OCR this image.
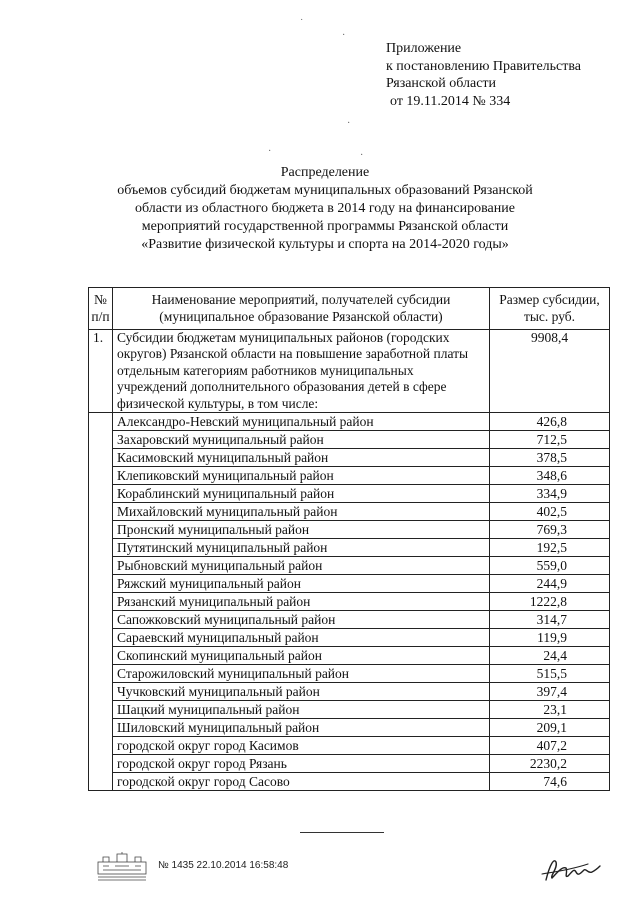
˙
·
·
·	·
Приложение
к постановлению Правительства
Рязанской области
от 19.11.2014 № 334
Распределение
объемов субсидий бюджетам муниципальных образований Рязанской
области из областного бюджета в 2014 году на финансирование
мероприятий государственной программы Рязанской области
«Развитие физической культуры и спорта на 2014-2020 годы»
№ п/п	Наименование мероприятий, получателей субсидии (муниципальное образование Рязанской области)	Размер субсидии, тыс. руб.
1.	Субсидии бюджетам муниципальных районов (городских округов) Рязанской области на повышение заработной платы отдельным категориям работников муниципальных учреждений дополнительного образования детей в сфере физической культуры, в том числе:	9908,4
	Александро-Невский муниципальный район	426,8
	Захаровский муниципальный район	712,5
	Касимовский муниципальный район	378,5
	Клепиковский муниципальный район	348,6
	Кораблинский муниципальный район	334,9
	Михайловский муниципальный район	402,5
	Пронский муниципальный район	769,3
	Путятинский муниципальный район	192,5
	Рыбновский муниципальный район	559,0
	Ряжский муниципальный район	244,9
	Рязанский муниципальный район	1222,8
	Сапожковский муниципальный район	314,7
	Сараевский муниципальный район	119,9
	Скопинский муниципальный район	24,4
	Старожиловский муниципальный район	515,5
	Чучковский муниципальный район	397,4
	Шацкий муниципальный район	23,1
	Шиловский муниципальный район	209,1
	городской округ город Касимов	407,2
	городской округ город Рязань	2230,2
	городской округ город Сасово	74,6
№ 1435 22.10.2014 16:58:48
